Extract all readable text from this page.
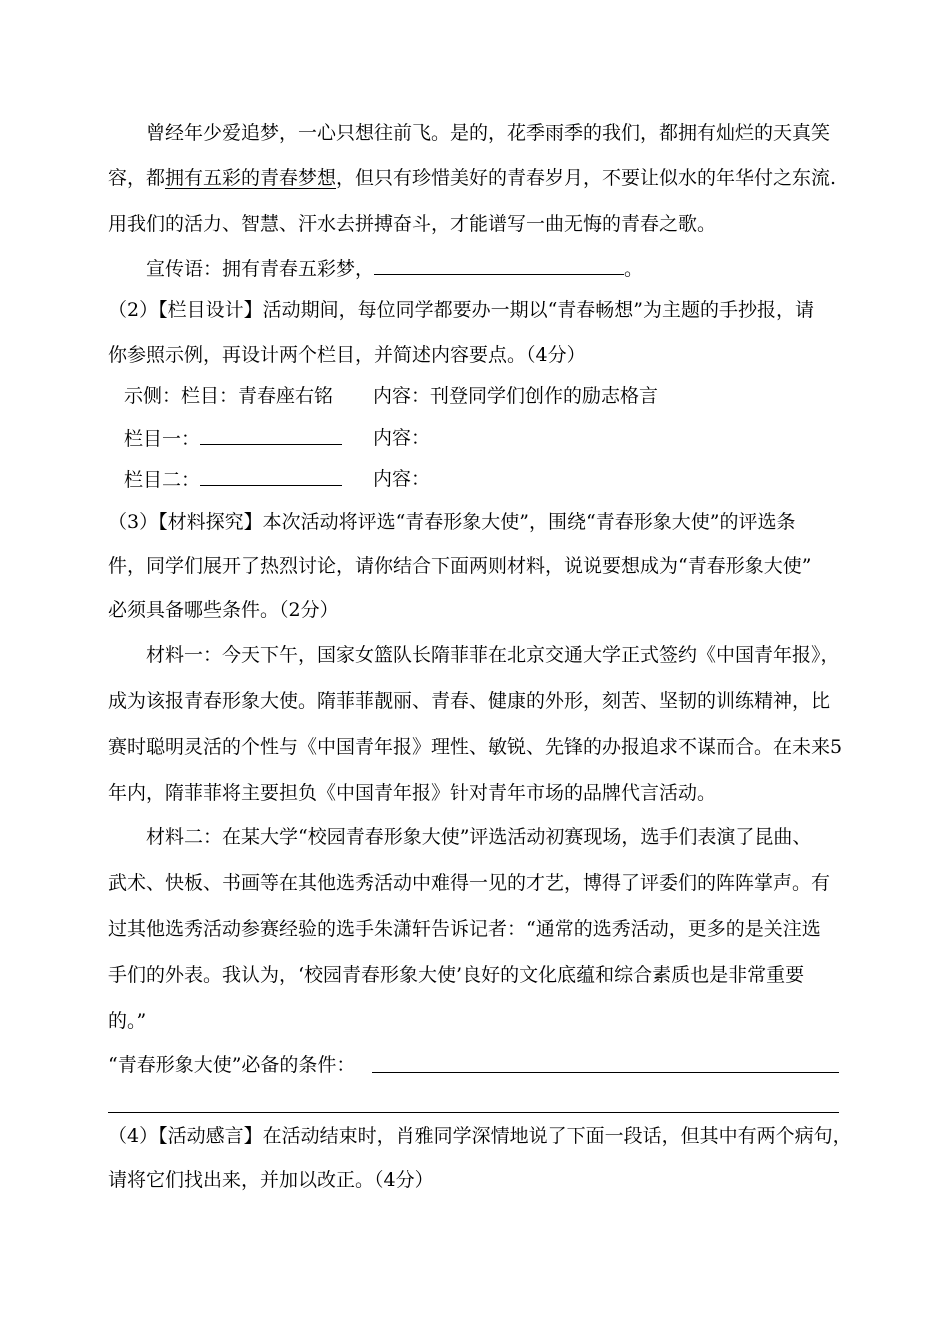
曾经年少爱追梦，一心只想往前飞。是的，花季雨季的我们，都拥有灿烂的天真笑
容，都拥有五彩的青春梦想，但只有珍惜美好的青春岁月，不要让似水的年华付之东流.
用我们的活力、智慧、汗水去拼搏奋斗，才能谱写一曲无悔的青春之歌。
宣传语：拥有青春五彩梦，	。
（2）【栏目设计】活动期间，每位同学都要办一期以“青春畅想”为主题的手抄报，请
你参照示例，再设计两个栏目，并简述内容要点。（4分）
示侧：栏目：青春座右铭 内容：刊登同学们创作的励志格言
栏目一：	内容：
栏目二：	内容：
（3）【材料探究】本次活动将评选“青春形象大使”，围绕“青春形象大使”的评选条
件，同学们展开了热烈讨论，请你结合下面两则材料，说说要想成为“青春形象大使”
必须具备哪些条件。（2分）
材料一：今天下午，国家女篮队长隋菲菲在北京交通大学正式签约《中国青年报》，
成为该报青春形象大使。隋菲菲靓丽、青春、健康的外形，刻苦、坚韧的训练精神，比
赛时聪明灵活的个性与《中国青年报》理性、敏锐、先锋的办报追求不谋而合。在未来5
年内，隋菲菲将主要担负《中国青年报》针对青年市场的品牌代言活动。
材料二：在某大学“校园青春形象大使”评选活动初赛现场，选手们表演了昆曲、
武术、快板、书画等在其他选秀活动中难得一见的才艺，博得了评委们的阵阵掌声。有
过其他选秀活动参赛经验的选手朱潇轩告诉记者：“通常的选秀活动，更多的是关注选
手们的外表。我认为，‘校园青春形象大使’良好的文化底蕴和综合素质也是非常重要
的。”
“青春形象大使”必备的条件：
（4）【活动感言】在活动结束时，肖雅同学深情地说了下面一段话，但其中有两个病句，
请将它们找出来，并加以改正。（4分）
